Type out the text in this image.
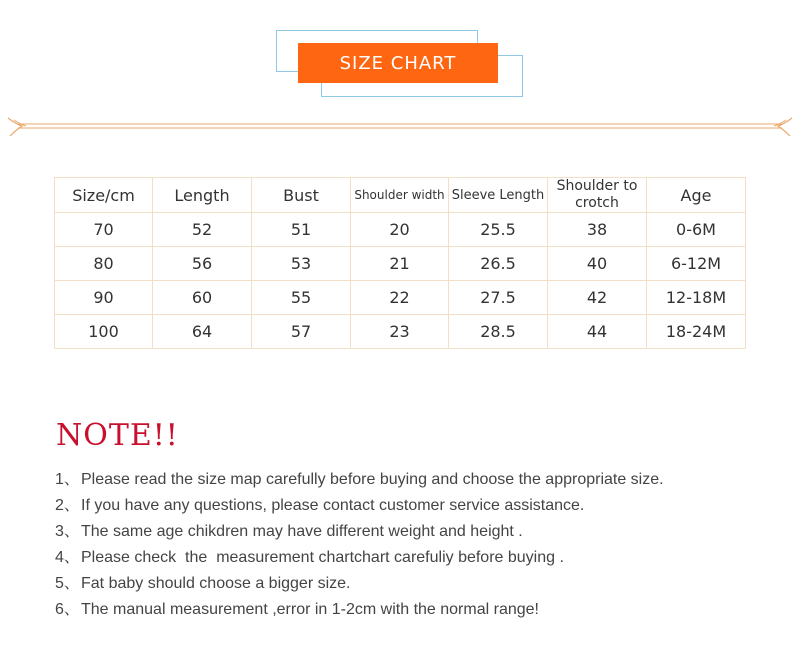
SIZE CHART
Size/cm	Length	Bust	Shoulder width	Sleeve Length	Shoulder to crotch	Age
70	52	51	20	25.5	38	0-6M
80	56	53	21	26.5	40	6-12M
90	60	55	22	27.5	42	12-18M
100	64	57	23	28.5	44	18-24M
NOTE!!
1、Please read the size map carefully before buying and choose the appropriate size.
2、If you have any questions, please contact customer service assistance.
3、The same age chikdren may have different weight and height .
4、Please check  the  measurement chartchart carefuliy before buying .
5、Fat baby should choose a bigger size.
6、The manual measurement ,error in 1-2cm with the normal range!
